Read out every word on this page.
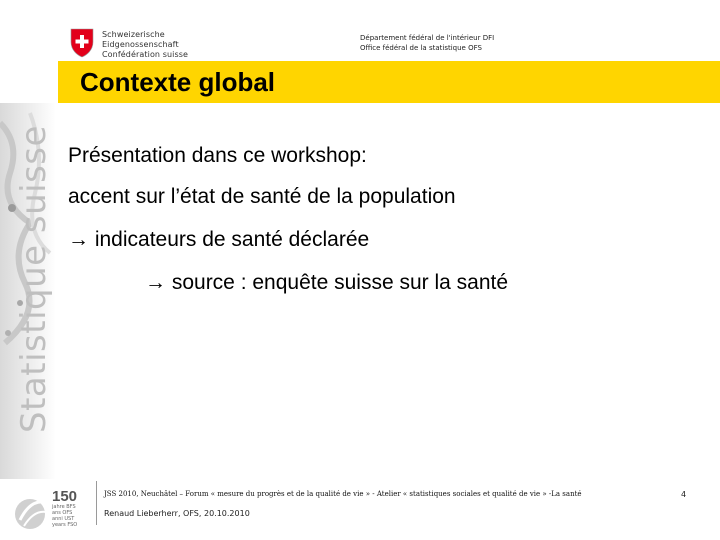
Schweizerische Eidgenossenschaft
Confédération suisse
Département fédéral de l'intérieur DFI
Office fédéral de la statistique OFS
Contexte global
Statistique suisse Présentation dans ce workshop:
accent sur l’état de santé de la population
→ indicateurs de santé déclarée
→ source : enquête suisse sur la santé
150
jahre BFS
ans OFS
anni UST
years FSO
JSS 2010, Neuchâtel – Forum « mesure du progrès et de la qualité de vie » - Atelier « statistiques sociales et qualité de vie » -La santé
Renaud Lieberherr, OFS, 20.10.2010
4
